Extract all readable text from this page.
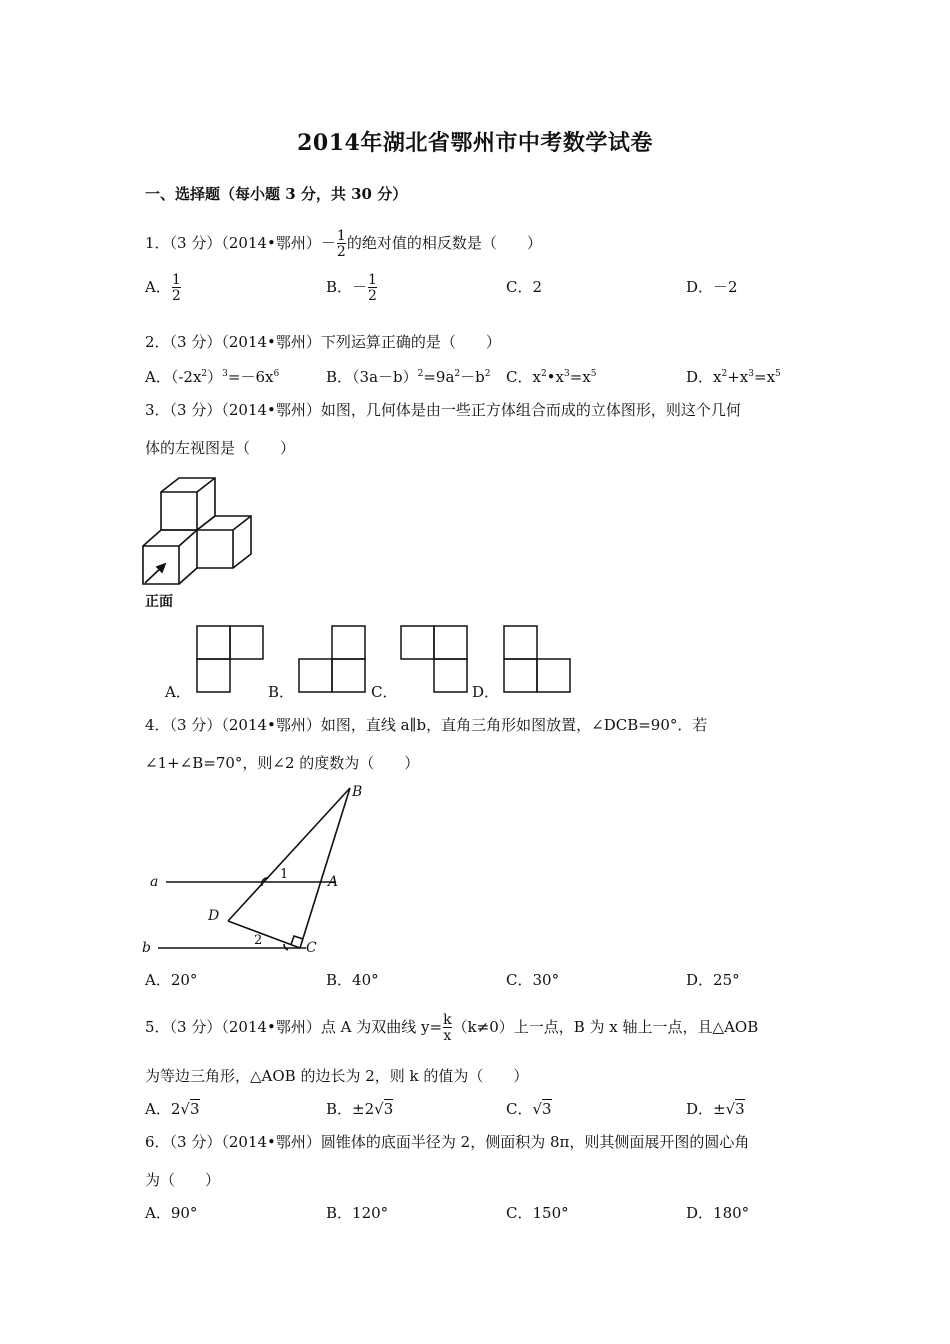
2014年湖北省鄂州市中考数学试卷
一、选择题（每小题 3 分，共 30 分）
1．（3 分）（2014•鄂州）－ $\frac{1}{2}$ 的绝对值的相反数是（　　）
A． $\frac{1}{2}$	B．－ $\frac{1}{2}$	C．2	D．－2
2．（3 分）（2014•鄂州）下列运算正确的是（　　）
A．$(-2x^2)^3=-6x^6$	B．$(3a-b)^2=9a^2-b^2$ C．$x^2•x^3=x^5$	D．$x^2+x^3=x^5$
3．（3 分）（2014•鄂州）如图，几何体是由一些正方体组合而成的立体图形，则这个几何
体的左视图是（　　）
正面
A．	B．	C．	D．
4．（3 分）（2014•鄂州）如图，直线 a∥b，直角三角形如图放置，∠DCB=90°．若
∠1+∠B=70°，则∠2 的度数为（　　）
a
b
B
A
C
D
1
2
A．20°	B．40°	C．30°	D．25°
5．（3 分）（2014•鄂州）点 A 为双曲线 $y= \frac{k}{x} (k\ne 0)$上一点，B 为 x 轴上一点，且△AOB
为等边三角形，△AOB 的边长为 2，则 k 的值为（　　）
A．2√3	B．±2√3	C．√3	D．±√3
6．（3 分）（2014•鄂州）圆锥体的底面半径为 2，侧面积为 8π，则其侧面展开图的圆心角
为（　　）
A．90°	B．120°	C．150°	D．180°
